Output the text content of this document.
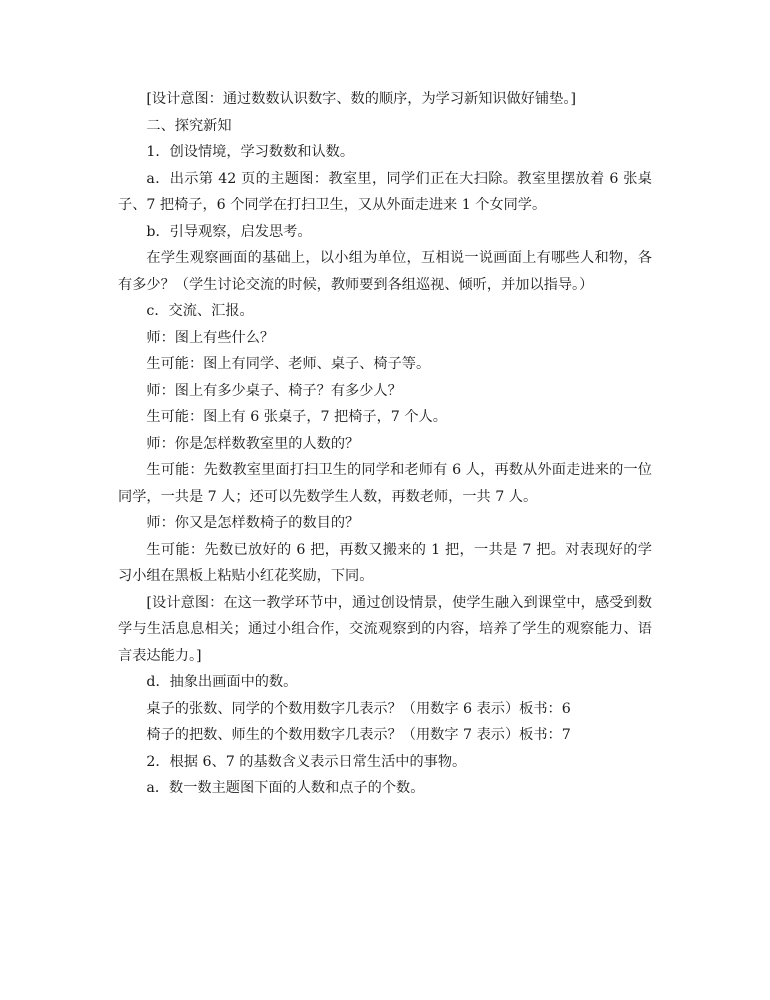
[设计意图：通过数数认识数字、数的顺序，为学习新知识做好铺垫。]

二、探究新知

1．创设情境，学习数数和认数。

a．出示第 42 页的主题图：教室里，同学们正在大扫除。教室里摆放着 6 张桌子、7 把椅子，6 个同学在打扫卫生，又从外面走进来 1 个女同学。

b．引导观察，启发思考。

在学生观察画面的基础上，以小组为单位，互相说一说画面上有哪些人和物，各有多少？（学生讨论交流的时候，教师要到各组巡视、倾听，并加以指导。）

c．交流、汇报。

师：图上有些什么？

生可能：图上有同学、老师、桌子、椅子等。

师：图上有多少桌子、椅子？有多少人？

生可能：图上有 6 张桌子，7 把椅子，7 个人。

师：你是怎样数教室里的人数的？

生可能：先数教室里面打扫卫生的同学和老师有 6 人，再数从外面走进来的一位同学，一共是 7 人；还可以先数学生人数，再数老师，一共 7 人。

师：你又是怎样数椅子的数目的？

生可能：先数已放好的 6 把，再数又搬来的 1 把，一共是 7 把。对表现好的学习小组在黑板上粘贴小红花奖励，下同。

[设计意图：在这一教学环节中，通过创设情景，使学生融入到课堂中，感受到数学与生活息息相关；通过小组合作，交流观察到的内容，培养了学生的观察能力、语言表达能力。]

d．抽象出画面中的数。

桌子的张数、同学的个数用数字几表示？（用数字 6 表示）板书：6

椅子的把数、师生的个数用数字几表示？（用数字 7 表示）板书：7

2．根据 6、7 的基数含义表示日常生活中的事物。

a．数一数主题图下面的人数和点子的个数。
